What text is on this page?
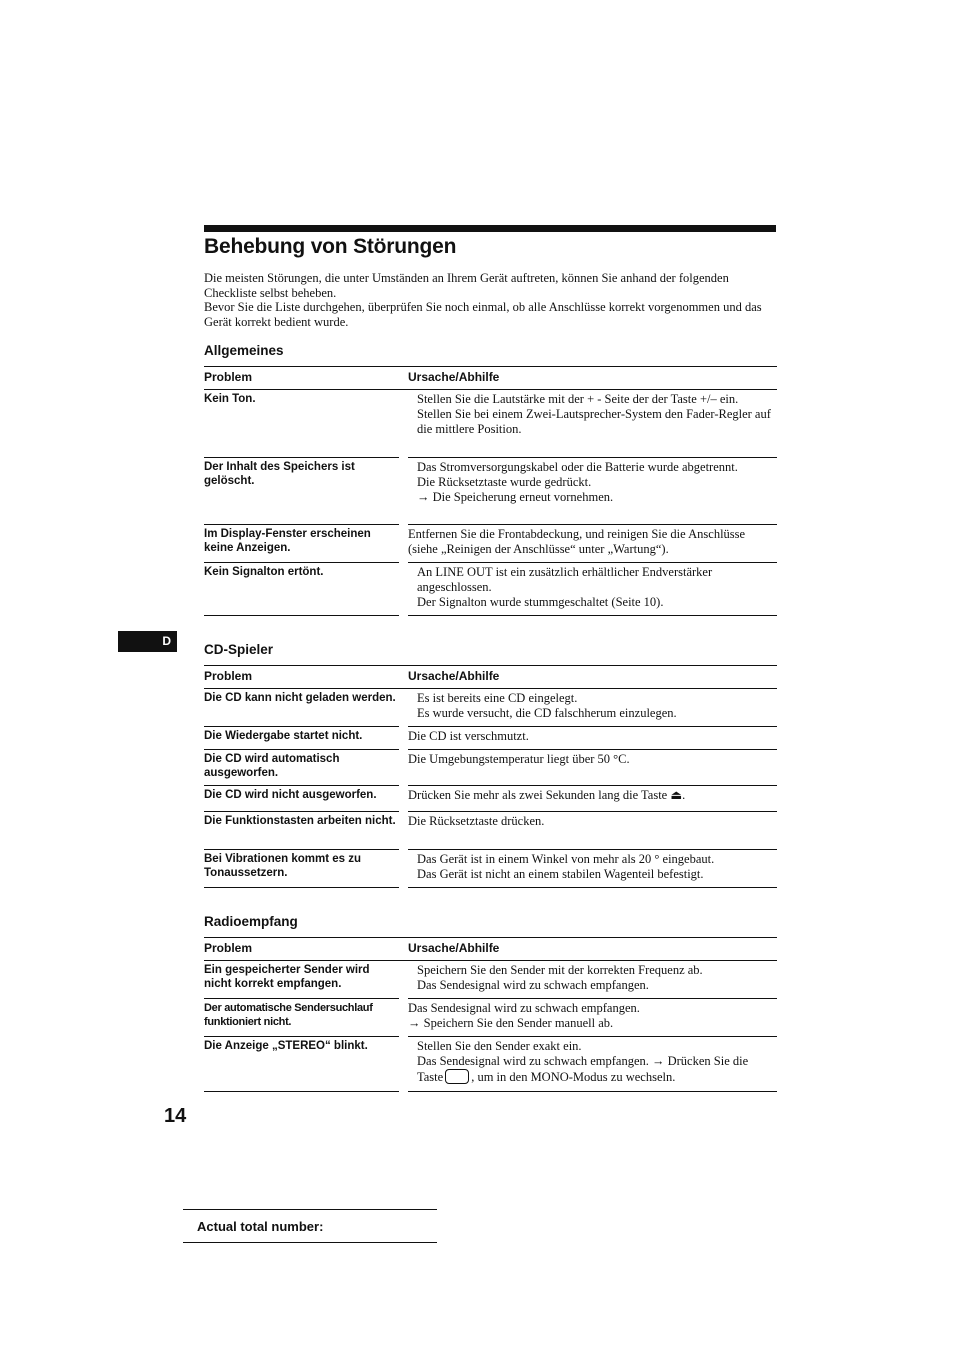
Behebung von Störungen

Die meisten Störungen, die unter Umständen an Ihrem Gerät auftreten, können Sie anhand der folgenden Checkliste selbst beheben.

Bevor Sie die Liste durchgehen, überprüfen Sie noch einmal, ob alle Anschlüsse korrekt vorgenommen und das Gerät korrekt bedient wurde.

Allgemeines
Problem		Ursache/Abhilfe

Kein Ton.		Stellen Sie die Lautstärke mit der + - Seite der der Taste +/– ein.
Stellen Sie bei einem Zwei-Lautsprecher-System den Fader-Regler auf die mittlere Position.

Der Inhalt des Speichers ist gelöscht.		Das Stromversorgungskabel oder die Batterie wurde abgetrennt.
Die Rücksetztaste wurde gedrückt.
→ Die Speicherung erneut vornehmen.

Im Display-Fenster erscheinen keine Anzeigen.		Entfernen Sie die Frontabdeckung, und reinigen Sie die Anschlüsse (siehe „Reinigen der Anschlüsse“ unter „Wartung“).

Kein Signalton ertönt.		An LINE OUT ist ein zusätzlich erhältlicher Endverstärker angeschlossen.
Der Signalton wurde stummgeschaltet (Seite 10).
D
CD-Spieler
Problem		Ursache/Abhilfe

Die CD kann nicht geladen werden.		Es ist bereits eine CD eingelegt.
Es wurde versucht, die CD falschherum einzulegen.

Die Wiedergabe startet nicht.		Die CD ist verschmutzt.

Die CD wird automatisch ausgeworfen.		Die Umgebungstemperatur liegt über 50 °C.

Die CD wird nicht ausgeworfen.		Drücken Sie mehr als zwei Sekunden lang die Taste ⏏.

Die Funktionstasten arbeiten nicht.		Die Rücksetztaste drücken.

Bei Vibrationen kommt es zu Tonaussetzern.		Das Gerät ist in einem Winkel von mehr als 20 ° eingebaut.
Das Gerät ist nicht an einem stabilen Wagenteil befestigt.
Radioempfang
Problem		Ursache/Abhilfe

Ein gespeicherter Sender wird nicht korrekt empfangen.		Speichern Sie den Sender mit der korrekten Frequenz ab.
Das Sendesignal wird zu schwach empfangen.

Der automatische Sendersuchlauf funktioniert nicht.		Das Sendesignal wird zu schwach empfangen.
→ Speichern Sie den Sender manuell ab.

Die Anzeige „STEREO“ blinkt.		Stellen Sie den Sender exakt ein.
Das Sendesignal wird zu schwach empfangen. → Drücken Sie die Taste , um in den MONO-Modus zu wechseln.
14
Actual total number:
